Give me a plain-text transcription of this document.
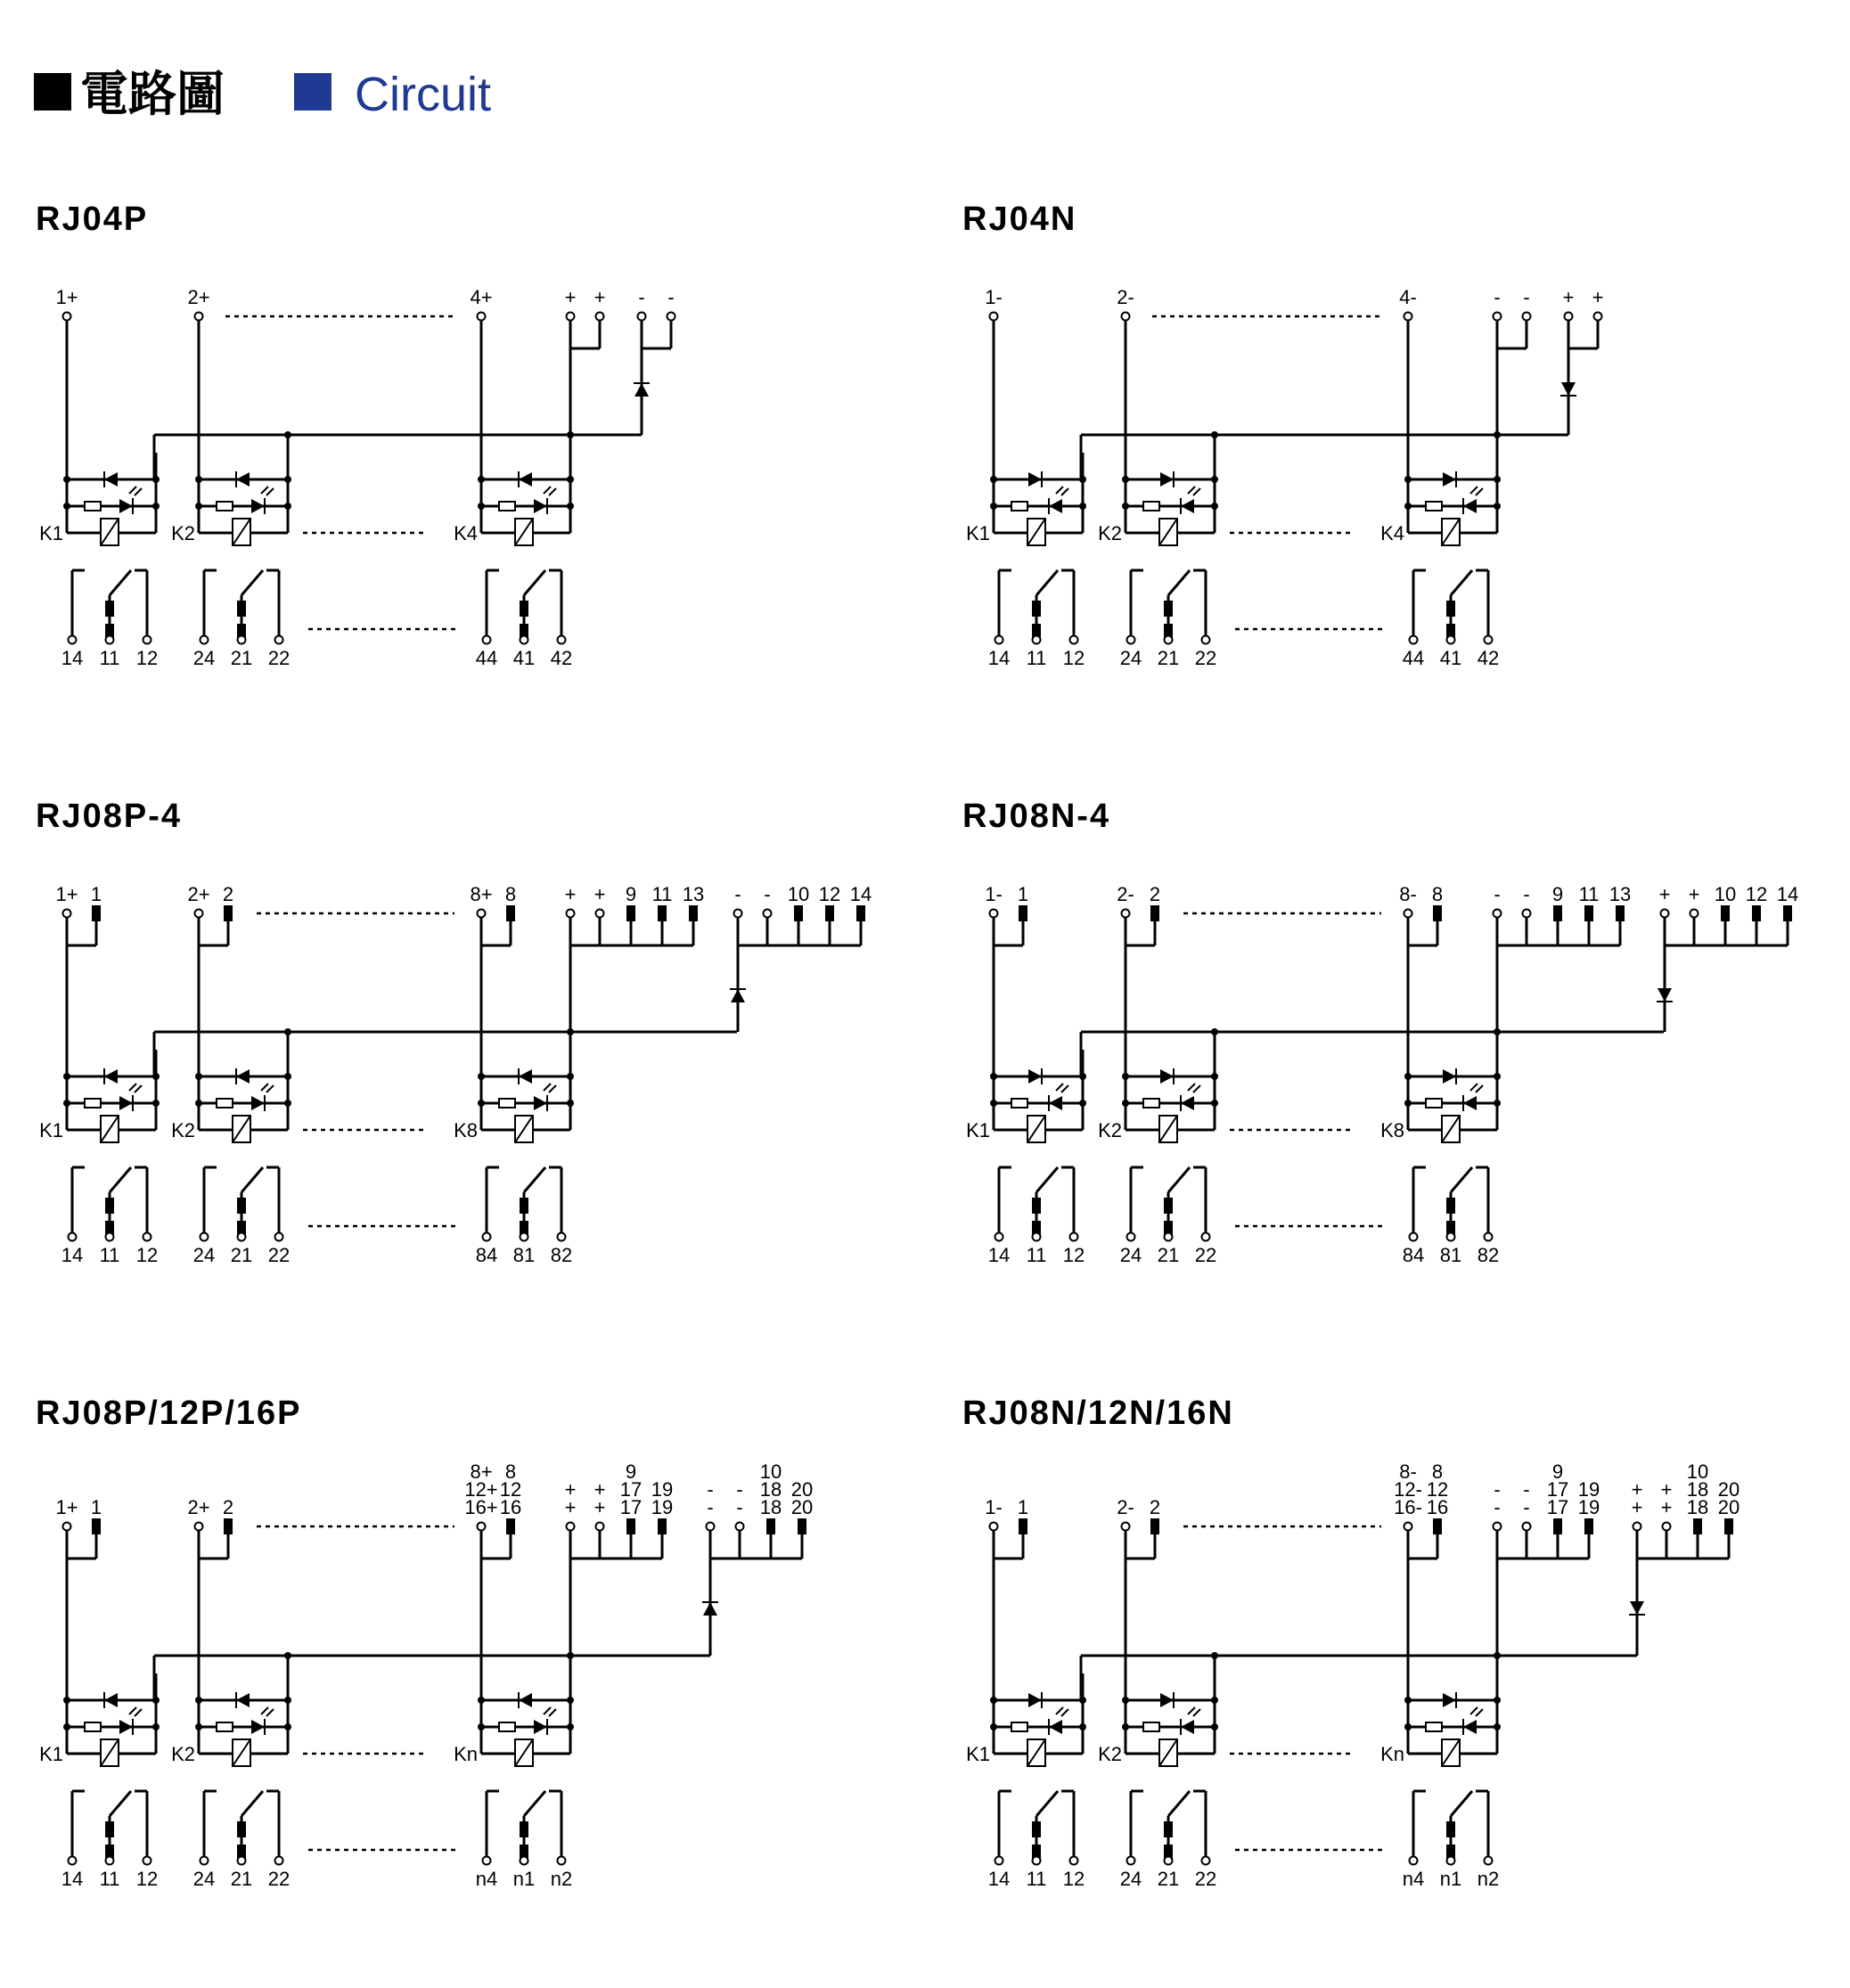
電路圖	Circuit
RJ04P
1+	2+	4+	+ + - -
K1
14 11 12
K2
24 21 22
K4
44 41 42
RJ04N
1-	2-	4-	- - + +
K1
14 11 12
K2
24 21 22
K4
44 41 42
RJ08P-4
1+ 1	2+ 2	8+ 8 + + 9 11 13 - - 10 12 14
K1
14 11 12
K2
24 21 22
K8
84 81 82
RJ08N-4
1- 1	2- 2	8- 8	- - 9 11 13 + + 10 12 14
K1
14 11 12
K2
24 21 22
K8
84 81 82
RJ08P/12P/16P
1+ 1	2+ 2
8+
12+
16+
8
12
16
+ +
+ +
9
17 19
17 19
- -
- -
10
18 20
18 20
K1
14 11 12
K2
24 21 22
Kn
n4 n1 n2
RJ08N/12N/16N
1- 1	2- 2
8-
12-
16-
8
12
16
- -
- -
9
17 19
17 19
+ +
+ +
10
18 20
18 20
K1
14 11 12
K2
24 21 22
Kn
n4 n1 n2
